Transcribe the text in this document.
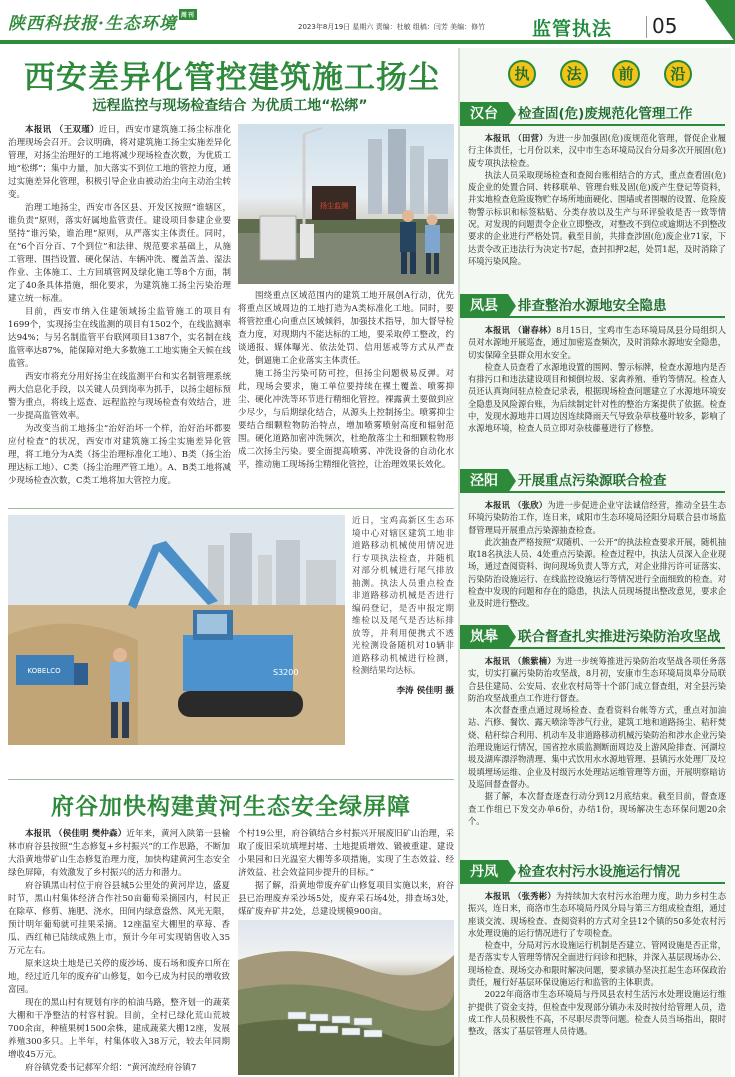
陕西科技报·生态环境 周刊
2023年8月19日 星期六 责编：杜敏 组稿：闫芳 美编：修竹 监管执法 05
西安差异化管控建筑施工扬尘
远程监控与现场检查结合 为优质工地“松绑”
本报讯 （王双瑾）近日，西安市建筑施工扬尘标准化治理现场会召开。会议明确，将对建筑施工扬尘实施差异化管理，对扬尘治理好的工地将减少现场检查次数，为优质工地“松绑”；集中力量，加大落实不到位工地的管控力度，通过实施差异化管理，积极引导企业由被动治尘向主动治尘转变。
治理工地扬尘，西安市各区县、开发区按照“谁辖区，谁负责”原则，落实好属地监管责任。建设项目参建企业要坚持“谁污染，谁治理”原则，从严落实主体责任。同时，在“6个百分百、7个到位”和法律、规范要求基础上，从施工管理、围挡设置、硬化保洁、车辆冲洗、覆盖苫盖、湿法作业、主体施工、土方回填管网及绿化施工等8个方面，制定了40条具体措施，细化要求，为建筑施工扬尘污染治理建立统一标准。
目前，西安市纳入住建领域扬尘监管施工的项目有1699个，实现扬尘在线监测的项目有1502个，在线监测率达94%；与另名制监管平台联网项目1387个，实名制在线监管率达87%，能保障对绝大多数施工工地实施全天候在线监管。
西安市将充分用好扬尘在线监测平台和实名制管理系统两大信息化手段，以关键人员到岗率为抓手，以扬尘超标预警为重点，将线上巡查、远程监控与现场检查有效结合，进一步提高监管效率。
为改变当前工地扬尘“治好治坏一个样，治好治坏都要应付检查”的状况，西安市对建筑施工扬尘实施差异化管理，将工地分为A类（扬尘治理标准化工地）、B类（扬尘治理达标工地）、C类（扬尘治理严管工地）。A、B类工地将减少现场检查次数，C类工地将加大管控力度。
扬尘监测
围绕重点区域范围内的建筑工地开展创A行动，优先将重点区域周边的工地打造为A类标准化工地。同时，要将管控重心向重点区域倾斜，加强技术指导，加大督导检查力度，对现期内不能达标的工地，要采取停工整改，约谈通报、媒体曝光、依法处罚、信用惩戒等方式从严查处，倒逼施工企业落实主体责任。
施工扬尘污染可防可控，但扬尘问题极易反弹。对此，现场会要求，施工单位要持续在裸土覆盖、喷雾抑尘、硬化冲洗等环节进行精细化管控。裸露黄土要做到应少尽少，与后期绿化结合，从源头上控制扬尘。喷雾抑尘要结合细颗粒物防治特点，增加喷雾喷射高度和辐射范围。硬化道路加密冲洗频次，杜绝散落尘土和细颗粒物形成二次扬尘污染。要全面提高喷雾、冲洗设备的自动化水平，推动施工现场扬尘精细化管控，让治理效果长效化。
KOBELCO	S3200
近日，宝鸡高新区生态环境中心对辖区建筑工地非道路移动机械使用情况进行专项执法检查，并随机对部分机械进行尾气排放抽测。执法人员重点检查非道路移动机械是否进行编码登记，是否申报定期维检以及尾气是否达标排放等，并利用便携式不透光检测设备随机对10辆非道路移动机械进行检测，检测结果均达标。
李涛 侯佳明 摄
府谷加快构建黄河生态安全绿屏障
本报讯 （侯佳明 樊仲森）近年来，黄河入陕第一县榆林市府谷县按照“生态修复+乡村振兴”的工作思路，不断加大沿黄地带矿山生态修复治理力度，加快构建黄河生态安全绿色屏障，有效激发了乡村振兴的活力和潜力。
府谷镇黑山村位于府谷县城5公里处的黄河岸边，盛夏时节，黑山村集体经济合作社50亩葡萄采摘园内，村民正在除草、修剪、施肥、浇水，田间内绿意盎然、风光无限，预计明年葡萄就可挂果采摘。12座温室大棚里的草莓、香瓜、西红柿已陆续成熟上市，预计今年可实现销售收入35万元左右。
原来这块土地是已关停的废沙场、废石场和废弃口所在地，经过近几年的废弃矿山修复，如今已成为村民的增收致富园。
现在的黑山村有规划有序的柏油马路，整齐划一的蔬菜大棚和干净整洁的村容村貌。目前，全村已绿化荒山荒坡700余亩，种植果树1500余株，建成蔬菜大棚12座，发展养殖300多只。上半年，村集体收入38万元，较去年同期增收45万元。
府谷镇党委书记郝军介绍：“黄河流经府谷镇7
个村19公里，府谷镇结合乡村振兴开展废旧矿山治理，采取了废旧采坑填埋封堵、土地提质增效、锻被重建、建设小果园和日光温室大棚等多项措施，实现了生态效益、经济效益、社会效益同步提升的目标。”
据了解，沿黄地带废弃矿山修复项目实施以来，府谷县已治理废弃采沙场5处，废弃采石场4处，排查场3处，煤矿废弃矿井2处，总建设规模900亩。
执	法	前	沿
汉台	检查固(危)废规范化管理工作
本报讯 （田营）为进一步加强固(危)废规范化管理，督促企业履行主体责任，七月份以来，汉中市生态环境局汉台分局多次开展固(危)废专项执法检查。
执法人员采取现场检查和查阅台账相结合的方式，重点查看固(危)废企业的处置合同、转移联单、管理台账及固(危)废产生登记等资料，并实地检查危险废物贮存场所地面硬化、围墙或者围堰的设置、危险废物警示标识和标签粘贴、分类存放以及生产与环评验收是否一致等情况。对发现的问题责令企业立即整改，对整改不到位或逾期达不到整改要求的企业进行严格处罚。截至目前，共排查涉固(危)废企业71家，下达责令改正违法行为决定书7起，查封扣押2起，处罚1起，及时消除了环境污染风险。
凤县	排查整治水源地安全隐患
本报讯 （谢春林）8月15日，宝鸡市生态环境局凤县分局组织人员对水源地开展巡查，通过加密巡查频次，及时消除水源地安全隐患，切实保障全县群众用水安全。
检查人员查看了水源地设置的围网、警示标牌，检查水源地内是否有排污口和违法建设项目和倾倒垃圾、家禽养殖、垂钓等情况。检查人员还认真询问驻点检查记录表，根据现场检查问题建立了水源地环境安全隐患及风险源台账，为后续制定针对性的整治方案提供了依据。检查中，发现水源地井口周边因连续降雨天气导致杂草枝蔓叶较多，影响了水源地环境，检查人员立即对杂枝藤蔓进行了修整。
泾阳	开展重点污染源联合检查
本报讯 （张欣）为进一步促进企业守法诚信经营，推动全县生态环境污染防治工作，连日来，咸阳市生态环境局泾阳分局联合县市场监督管理局开展重点污染源抽查检查。
此次抽查严格按照“双随机、一公开”的执法检查要求开展，随机抽取18名执法人员、4处重点污染源。检查过程中，执法人员深入企业现场，通过查阅资料、询问现场负责人等方式，对企业排污许可证落实、污染防治设施运行、在线监控设施运行等情况进行全面细致的检查。对检查中发现的问题和存在的隐患，执法人员现场提出整改意见，要求企业及时进行整改。
岚皋	联合督查扎实推进污染防治攻坚战
本报讯 （熊紫楠）为进一步统筹推进污染防治攻坚战各项任务落实，切实打赢污染防治攻坚战，8月初，安康市生态环境局岚皋分局联合县住建局、公安局、农业农村局等十个部门成立督查组，对全县污染防治攻坚战重点工作进行督查。
本次督查重点通过现场检查、查看资料台帐等方式，重点对加油站、汽修、餐饮、露天喷涂等涉气行业，建筑工地和道路扬尘、秸秆焚烧、秸秆综合利用、机动车及非道路移动机械污染防治和涉水企业污染治理设施运行情况，国省控水质监测断面周边及上游风险排查、河湖垃圾及湖库漂浮物清理、集中式饮用水水源地管理、县镇污水处理厂及垃圾填埋场运维、企业及村级污水处理站运维管理等方面，开展明察暗访及巡回督查督办。
据了解，本次督查逐查行动分到12月底结束。截至目前，督查逐查工作组已下发交办单6份，办结1份，现场解决生态环保问题20余个。
丹凤	检查农村污水设施运行情况
本报讯 （张秀彬）为持续加大农村污水治理力度，助力乡村生态振兴，连日来，商洛市生态环境局丹凤分局与第三方组成检查组，通过座谈交流、现场检查、查阅资料的方式对全县12个镇的50多处农村污水处理设施的运行情况进行了专项检查。
检查中，分局对污水设施运行机制是否建立、管网设施是否正常，是否落实专人管理等情况全面进行问诊和把脉，并深入基层现场办公、现场检查、现场交办和限时解决问题，要求镇办坚决扛起生态环保政治责任，履行好基层环保设施运行和监管的主体职责。
2022年商洛市生态环境局与丹凤县农村生活污水处理设施运行维护提供了资金支持，但检查中发现部分镇办未及时按付给管理人员，造成工作人员积极性不高，不尽职尽责等问题。检查人员当场指出，限时整改，落实了基层管理人员待遇。
